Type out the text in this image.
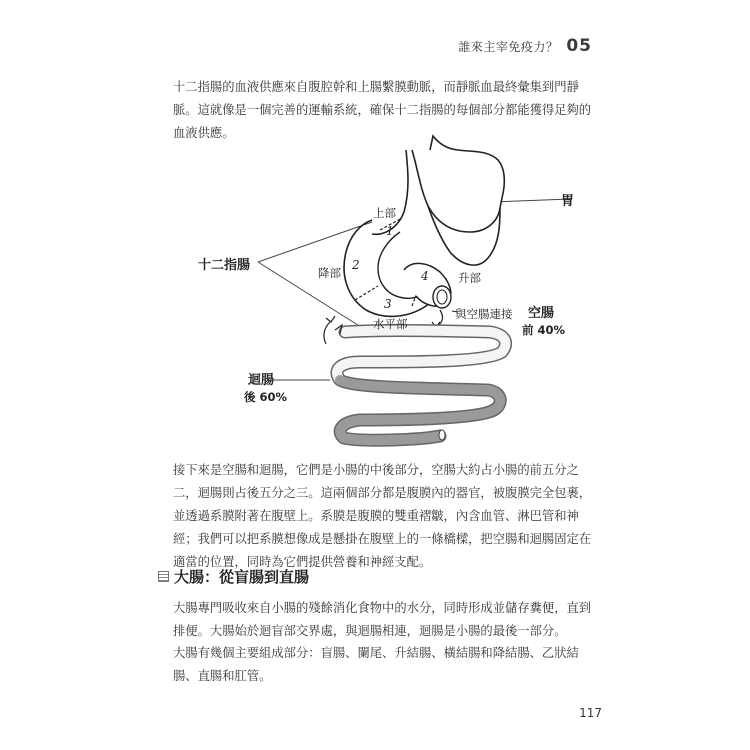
誰來主宰免疫力？ 05

十二指腸的血液供應來自腹腔幹和上腸繫膜動脈，而靜脈血最終彙集到門靜脈。這就像是一個完善的運輸系統，確保十二指腸的每個部分都能獲得足夠的血液供應。

胃
十二指腸
上部
降部
水平部
升部
與空腸連接 空腸
前 40%
迴腸
後 60%
1
2
3
4

接下來是空腸和迴腸，它們是小腸的中後部分，空腸大約占小腸的前五分之二，迴腸則占後五分之三。這兩個部分都是腹膜內的器官，被腹膜完全包裹，並透過系膜附著在腹壁上。系膜是腹膜的雙重褶皺，內含血管、淋巴管和神經；我們可以把系膜想像成是懸掛在腹壁上的一條橋樑，把空腸和迴腸固定在適當的位置，同時為它們提供營養和神經支配。

大腸：從盲腸到直腸

大腸專門吸收來自小腸的殘餘消化食物中的水分，同時形成並儲存糞便，直到排便。大腸始於迴盲部交界處，與迴腸相連，迴腸是小腸的最後一部分。

大腸有幾個主要組成部分：盲腸、闌尾、升結腸、橫結腸和降結腸、乙狀結腸、直腸和肛管。

117
